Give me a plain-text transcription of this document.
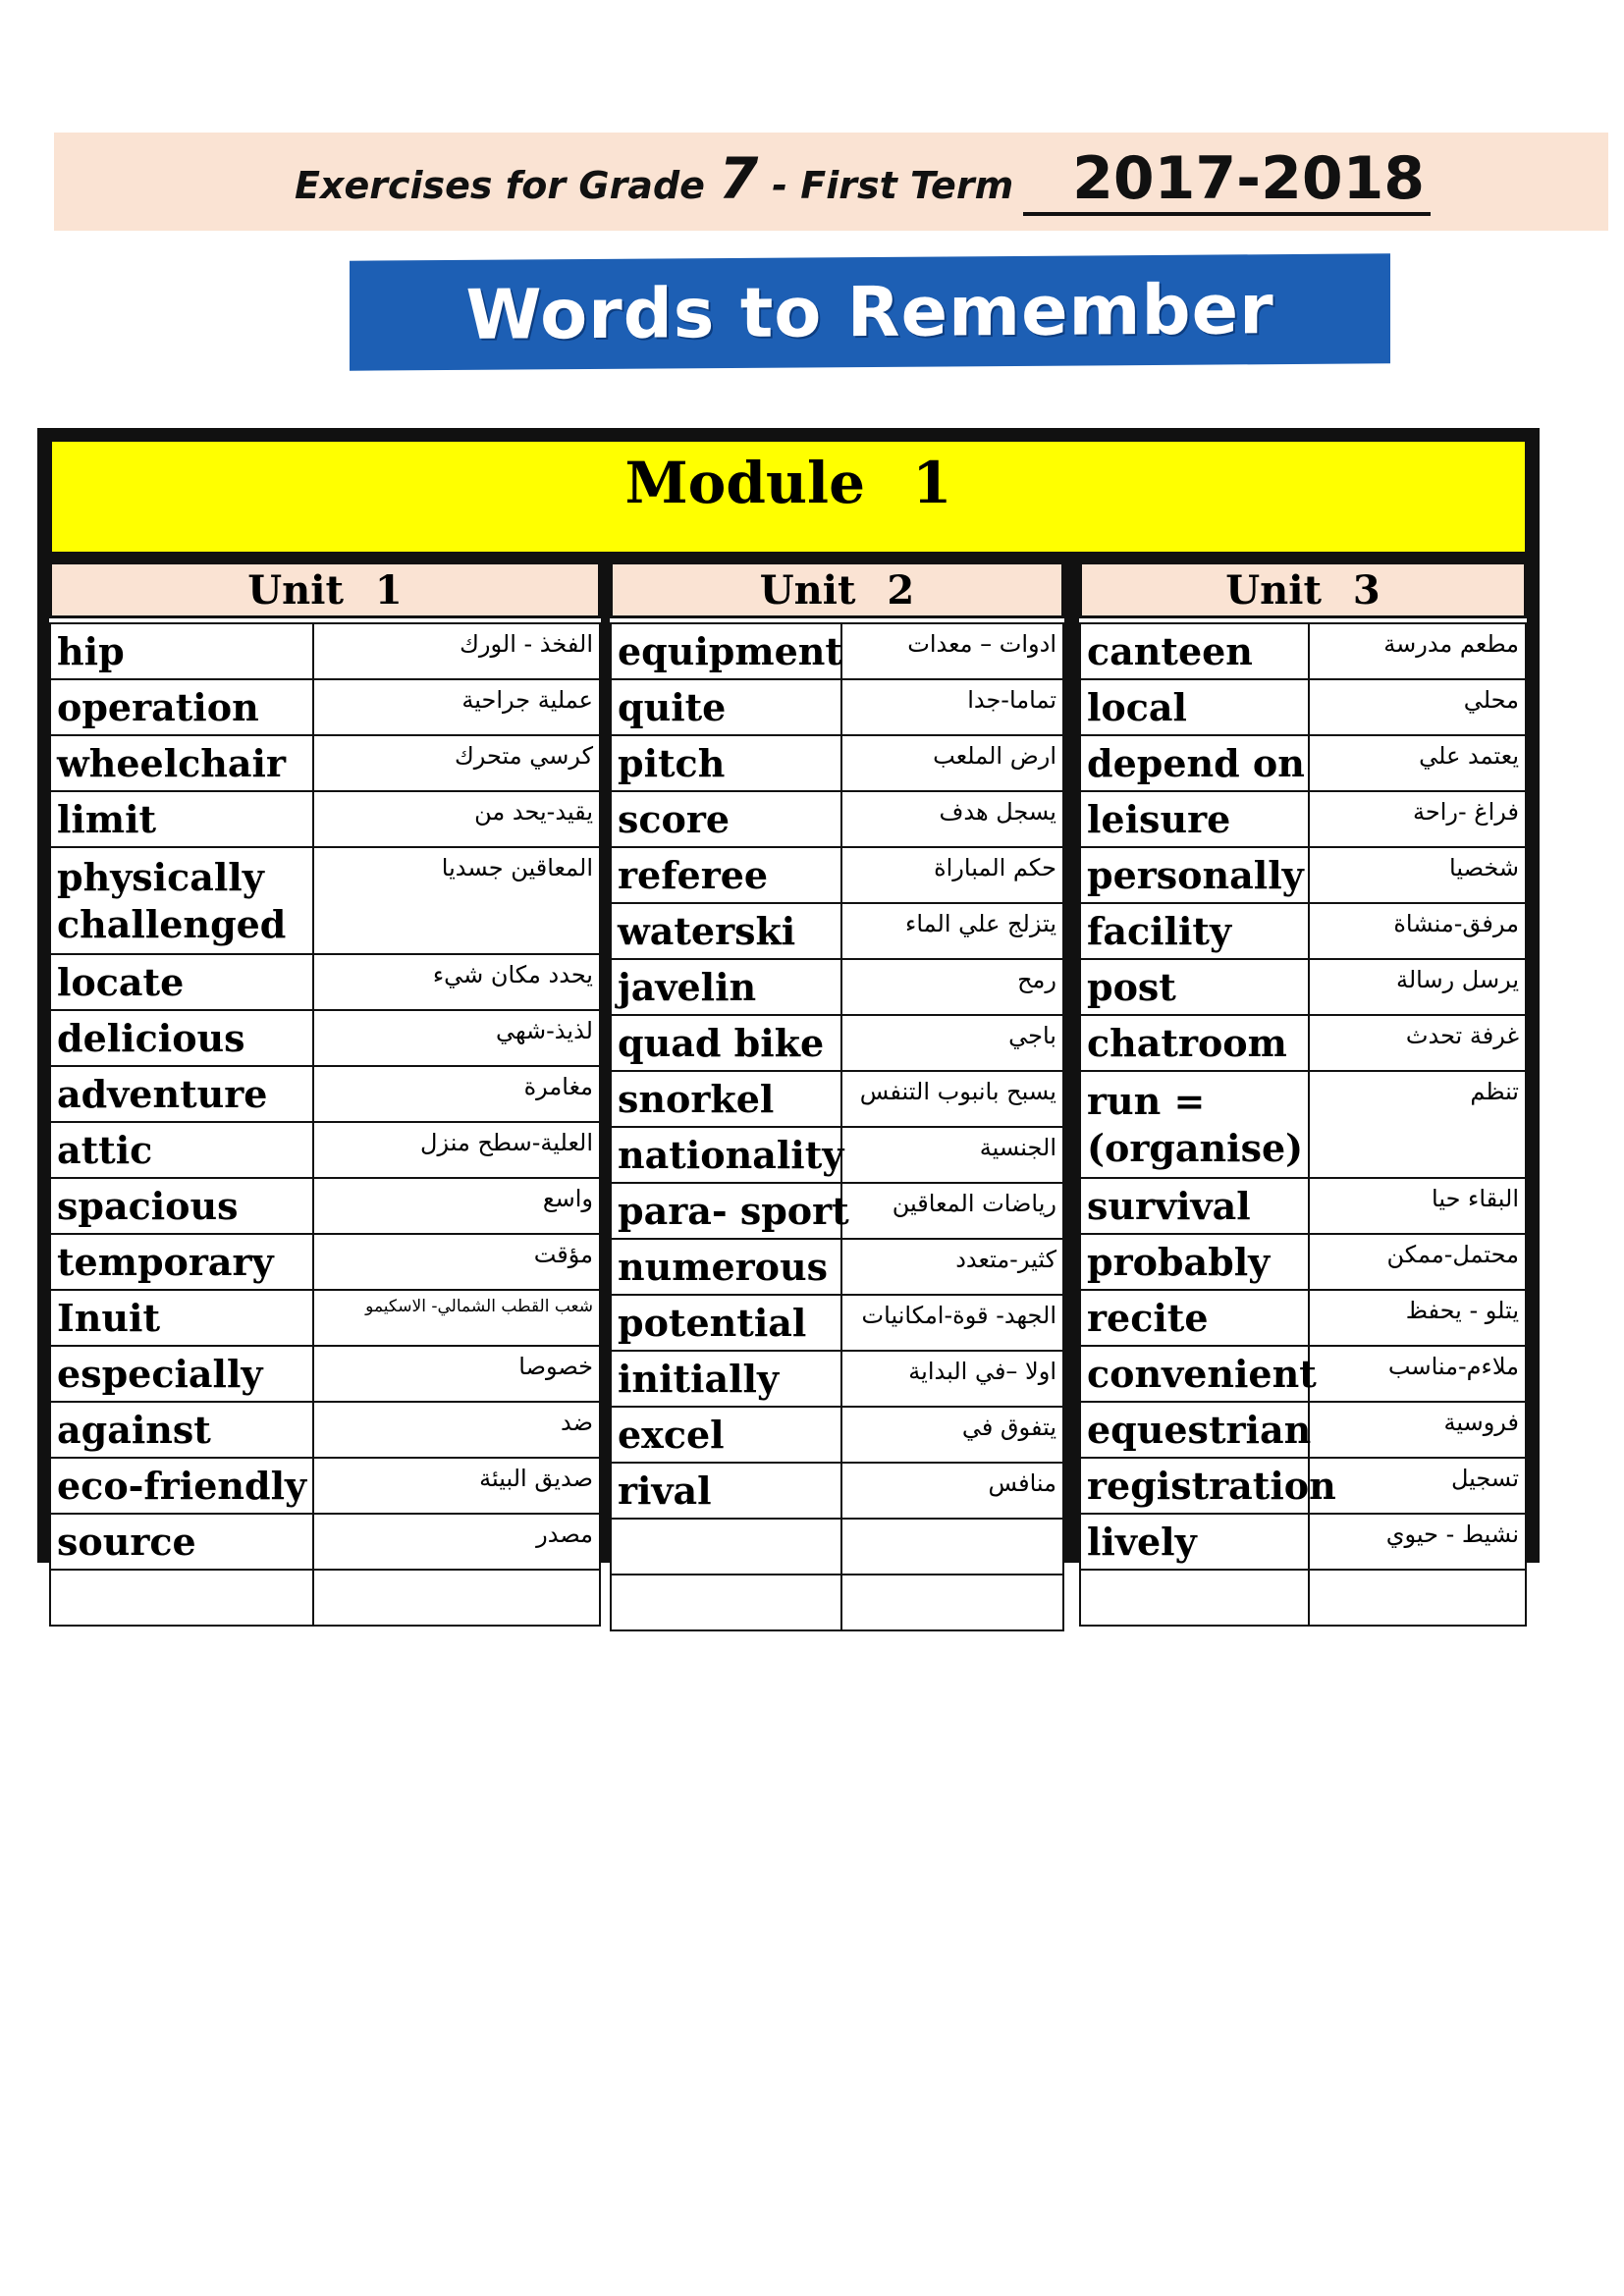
Exercises for Grade 7 - First Term	2017-2018
Words to Remember
Module 1
Unit 1
hip	الفخذ - الورك
operation	عملية جراحية
wheelchair	كرسي متحرك
limit	يقيد-يحد من
physically challenged	المعاقين جسديا
locate	يحدد مكان شيء
delicious	لذيذ-شهي
adventure	مغامرة
attic	العلية-سطح منزل
spacious	واسع
temporary	مؤقت
Inuit	شعب القطب الشمالي- الاسكيمو
especially	خصوصا
against	ضد
eco-friendly	صديق البيئة
source	مصدر

Unit 2
equipment	ادوات – معدات
quite	تماما-جدا
pitch	ارض الملعب
score	يسجل هدف
referee	حكم المباراة
waterski	يتزلج علي الماء
javelin	رمح
quad bike	باجي
snorkel	يسبح بانبوب التنفس
nationality	الجنسية
para- sport	رياضات المعاقين
numerous	كثير-متعدد
potential	الجهد- قوة-امكانيات
initially	اولا –في البداية
excel	يتفوق في
rival	منافس

Unit 3
canteen	مطعم مدرسة
local	محلي
depend on	يعتمد علي
leisure	فراغ -راحة
personally	شخصيا
facility	مرفق-منشاة
post	يرسل رسالة
chatroom	غرفة تحدث
run = (organise)	تنظم
survival	البقاء حيا
probably	محتمل-ممكن
recite	يتلو - يحفظ
convenient	ملاءم-مناسب
equestrian	فروسية
registration	تسجيل
lively	نشيط - حيوي
